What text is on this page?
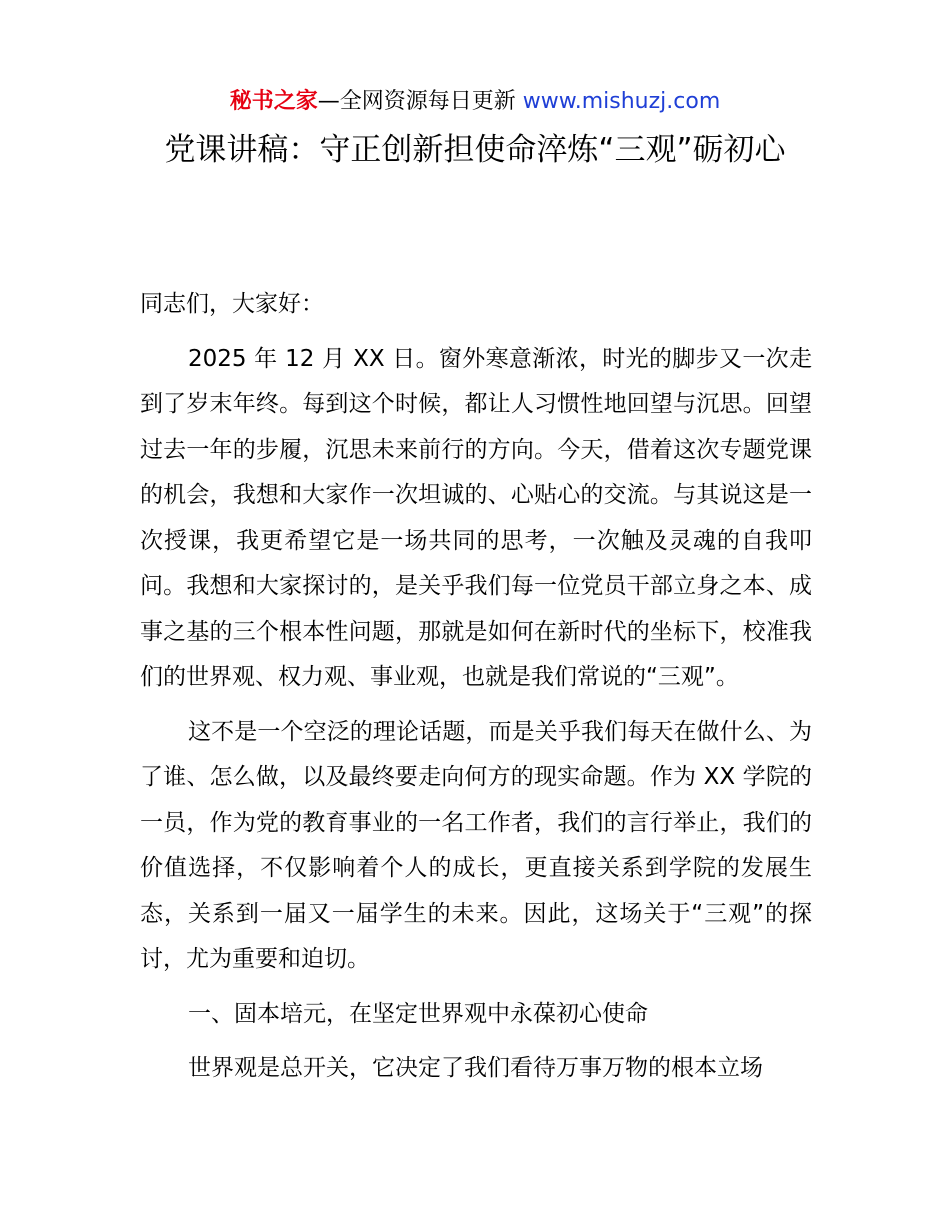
秘书之家—全网资源每日更新 www.mishuzj.com
党课讲稿：守正创新担使命淬炼“三观”砺初心

同志们，大家好：

2025 年 12 月 XX 日。窗外寒意渐浓，时光的脚步又一次走到了岁末年终。每到这个时候，都让人习惯性地回望与沉思。回望过去一年的步履，沉思未来前行的方向。今天，借着这次专题党课的机会，我想和大家作一次坦诚的、心贴心的交流。与其说这是一次授课，我更希望它是一场共同的思考，一次触及灵魂的自我叩问。我想和大家探讨的，是关乎我们每一位党员干部立身之本、成事之基的三个根本性问题，那就是如何在新时代的坐标下，校准我们的世界观、权力观、事业观，也就是我们常说的“三观”。

这不是一个空泛的理论话题，而是关乎我们每天在做什么、为了谁、怎么做，以及最终要走向何方的现实命题。作为 XX 学院的一员，作为党的教育事业的一名工作者，我们的言行举止，我们的价值选择，不仅影响着个人的成长，更直接关系到学院的发展生态，关系到一届又一届学生的未来。因此，这场关于“三观”的探讨，尤为重要和迫切。

一、固本培元，在坚定世界观中永葆初心使命

世界观是总开关，它决定了我们看待万事万物的根本立场
